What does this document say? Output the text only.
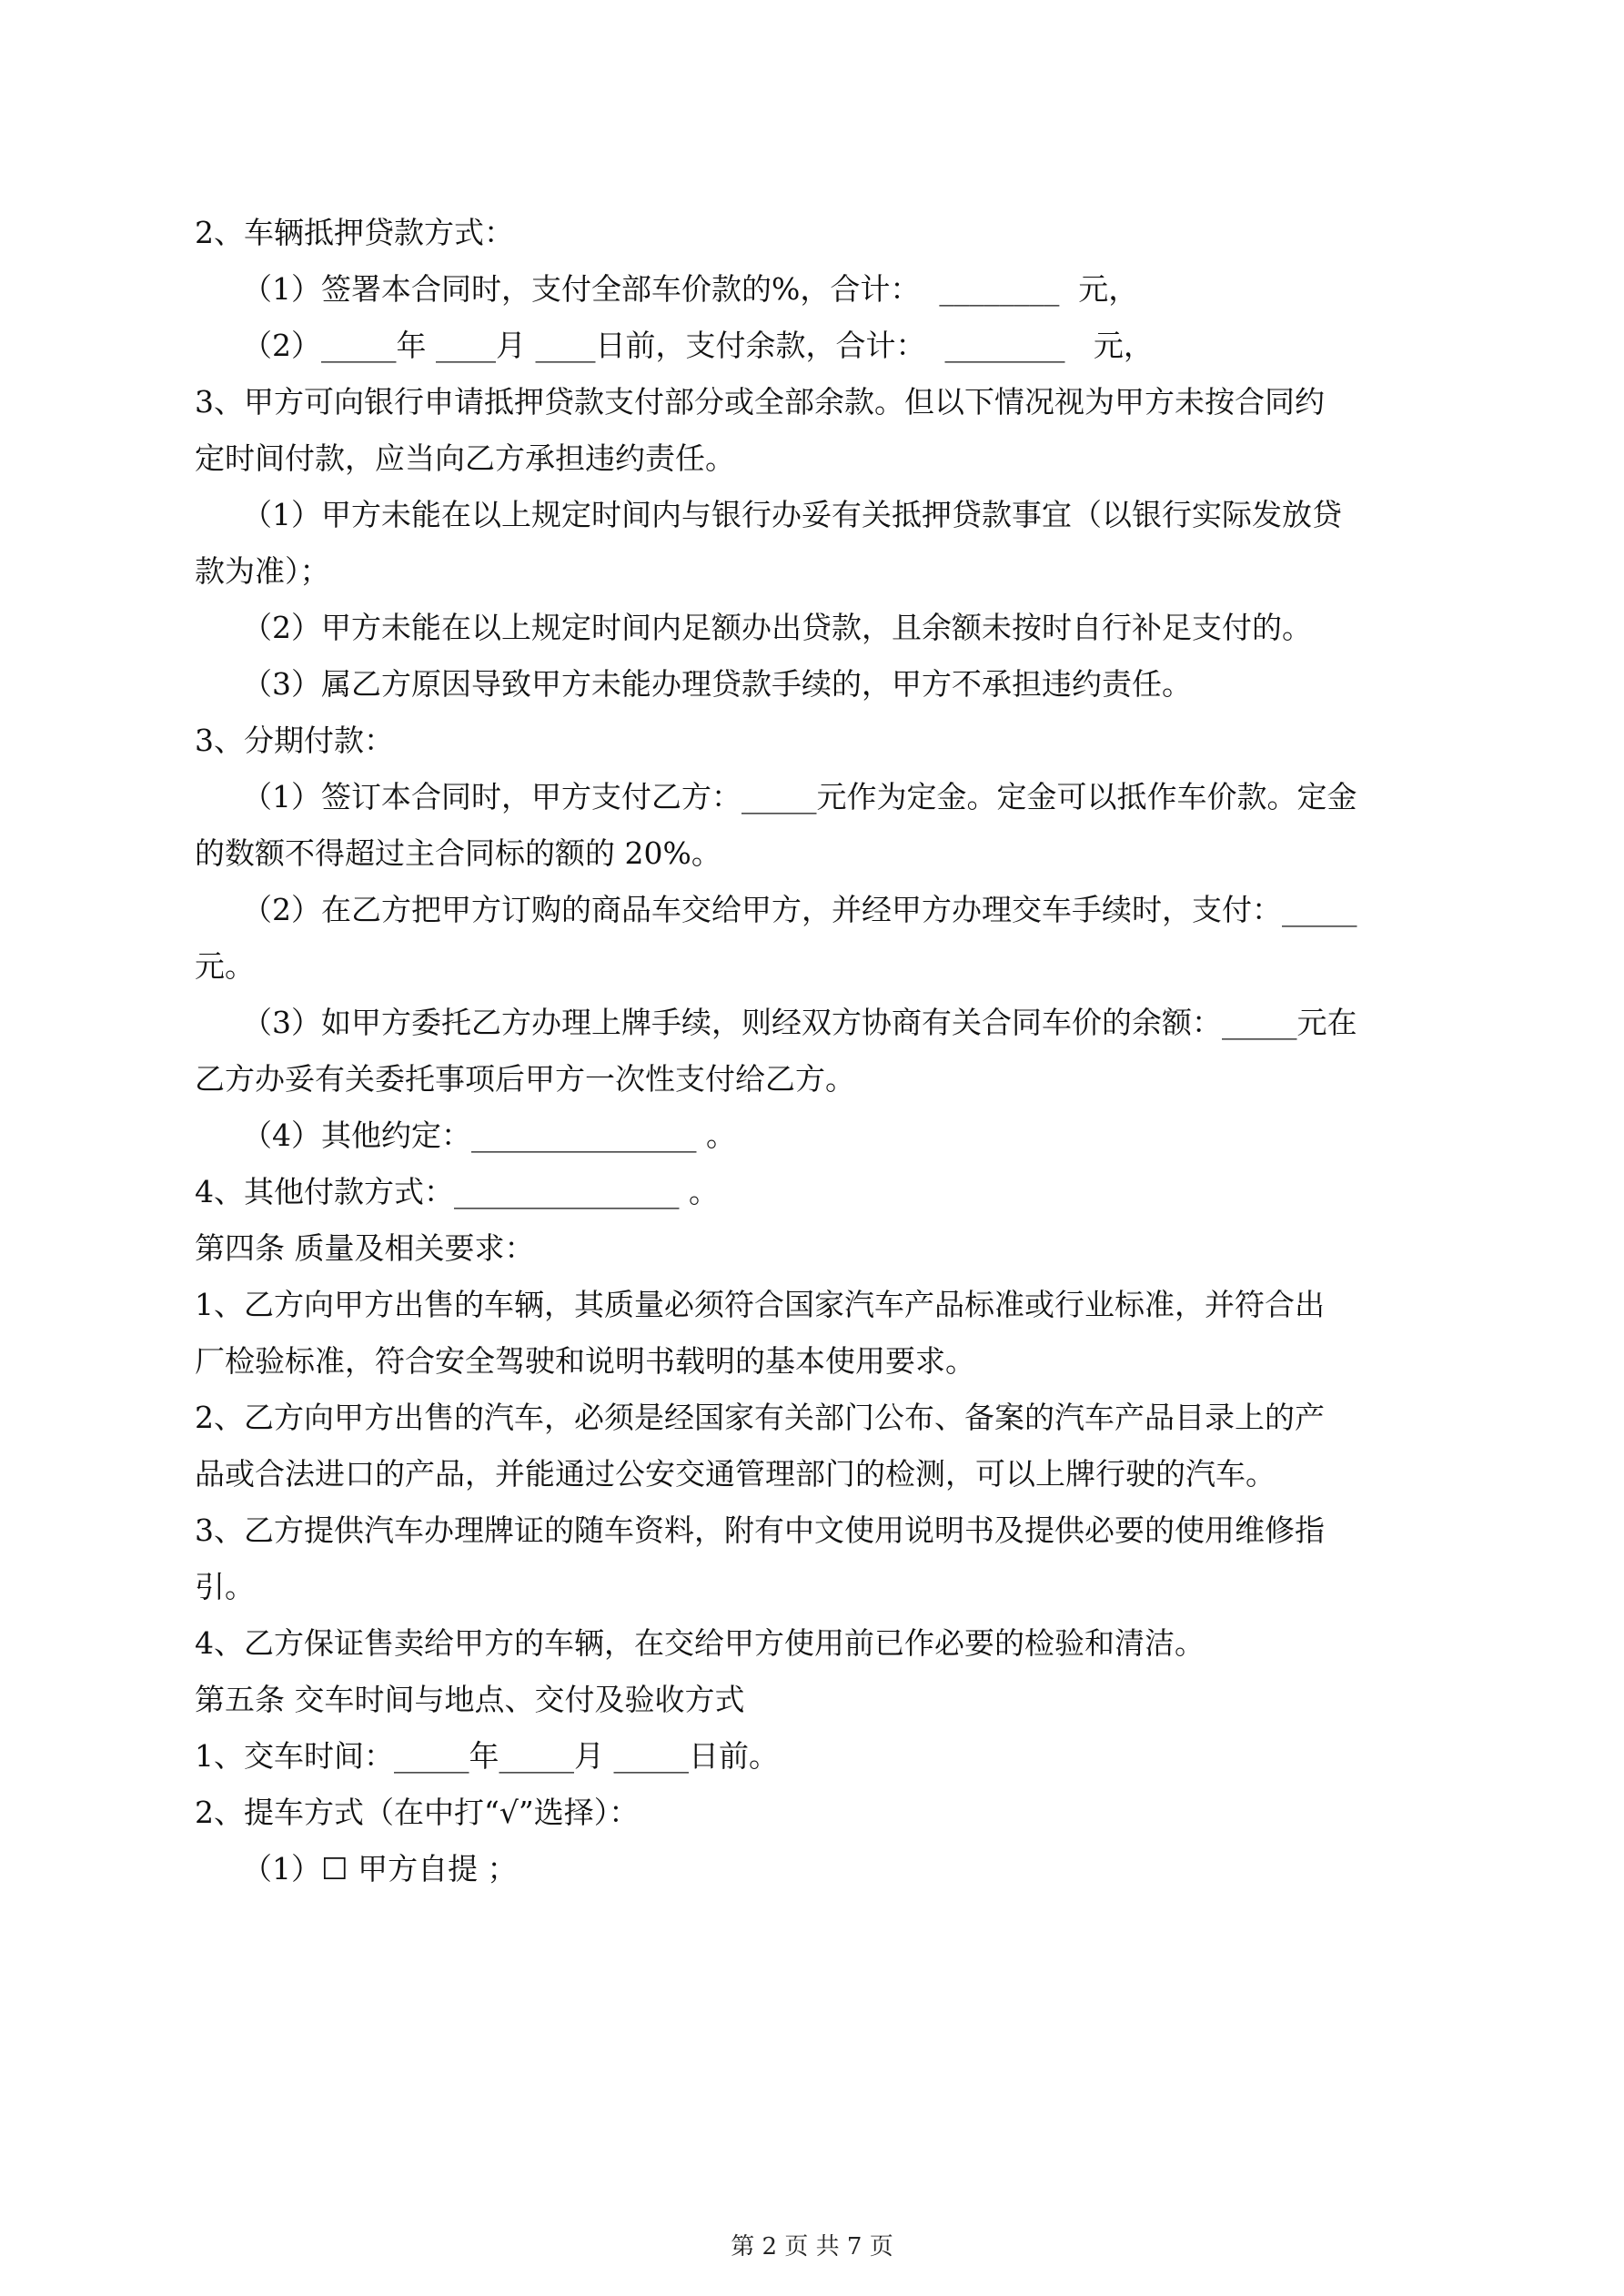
2、车辆抵押贷款方式：

（1）签署本合同时，支付全部车价款的%，合计：  ________  元，

（2）_____年 ____月 ____日前，支付余款，合计：  ________   元，

3、甲方可向银行申请抵押贷款支付部分或全部余款。但以下情况视为甲方未按合同约

定时间付款，应当向乙方承担违约责任。

（1）甲方未能在以上规定时间内与银行办妥有关抵押贷款事宜（以银行实际发放贷

款为准）；

（2）甲方未能在以上规定时间内足额办出贷款，且余额未按时自行补足支付的。

（3）属乙方原因导致甲方未能办理贷款手续的，甲方不承担违约责任。

3、分期付款：

（1）签订本合同时，甲方支付乙方：_____元作为定金。定金可以抵作车价款。定金

的数额不得超过主合同标的额的 20%。

（2）在乙方把甲方订购的商品车交给甲方，并经甲方办理交车手续时，支付：_____

元。

（3）如甲方委托乙方办理上牌手续，则经双方协商有关合同车价的余额：_____元在

乙方办妥有关委托事项后甲方一次性支付给乙方。

（4）其他约定：_______________ 。

4、其他付款方式：_______________ 。

第四条 质量及相关要求：

1、乙方向甲方出售的车辆，其质量必须符合国家汽车产品标准或行业标准，并符合出

厂检验标准，符合安全驾驶和说明书载明的基本使用要求。

2、乙方向甲方出售的汽车，必须是经国家有关部门公布、备案的汽车产品目录上的产

品或合法进口的产品，并能通过公安交通管理部门的检测，可以上牌行驶的汽车。

3、乙方提供汽车办理牌证的随车资料，附有中文使用说明书及提供必要的使用维修指

引。

4、乙方保证售卖给甲方的车辆，在交给甲方使用前已作必要的检验和清洁。

第五条 交车时间与地点、交付及验收方式

1、交车时间：_____年_____月 _____日前。

2、提车方式（在中打“√”选择）：

（1）☐ 甲方自提 ；

第 2 页 共 7 页
